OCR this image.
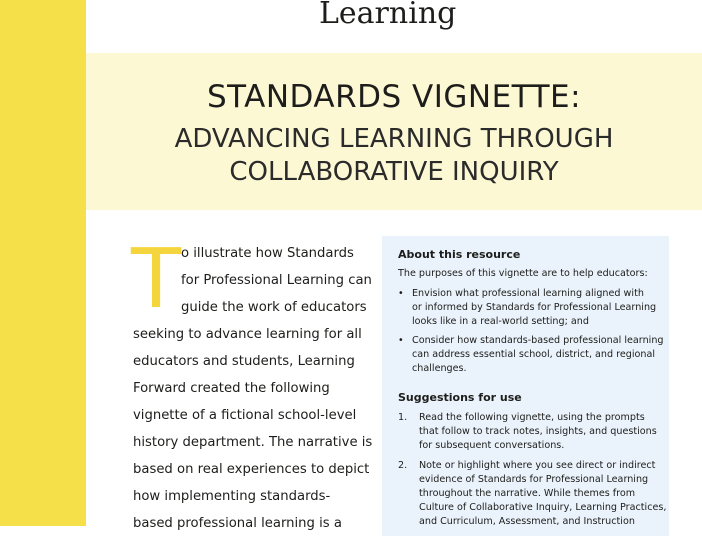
Learning
STANDARDS VIGNETTE:
ADVANCING LEARNING THROUGH
COLLABORATIVE INQUIRY
T o illustrate how Standards
for Professional Learning can
guide the work of educators
seeking to advance learning for all
educators and students, Learning
Forward created the following
vignette of a fictional school-level
history department. The narrative is
based on real experiences to depict
how implementing standards-
based professional learning is a
About this resource
The purposes of this vignette are to help educators:
• Envision what professional learning aligned with
or informed by Standards for Professional Learning
looks like in a real-world setting; and
• Consider how standards-based professional learning
can address essential school, district, and regional
challenges.
Suggestions for use
1. Read the following vignette, using the prompts
that follow to track notes, insights, and questions
for subsequent conversations.
2. Note or highlight where you see direct or indirect
evidence of Standards for Professional Learning
throughout the narrative. While themes from
Culture of Collaborative Inquiry, Learning Practices,
and Curriculum, Assessment, and Instruction
